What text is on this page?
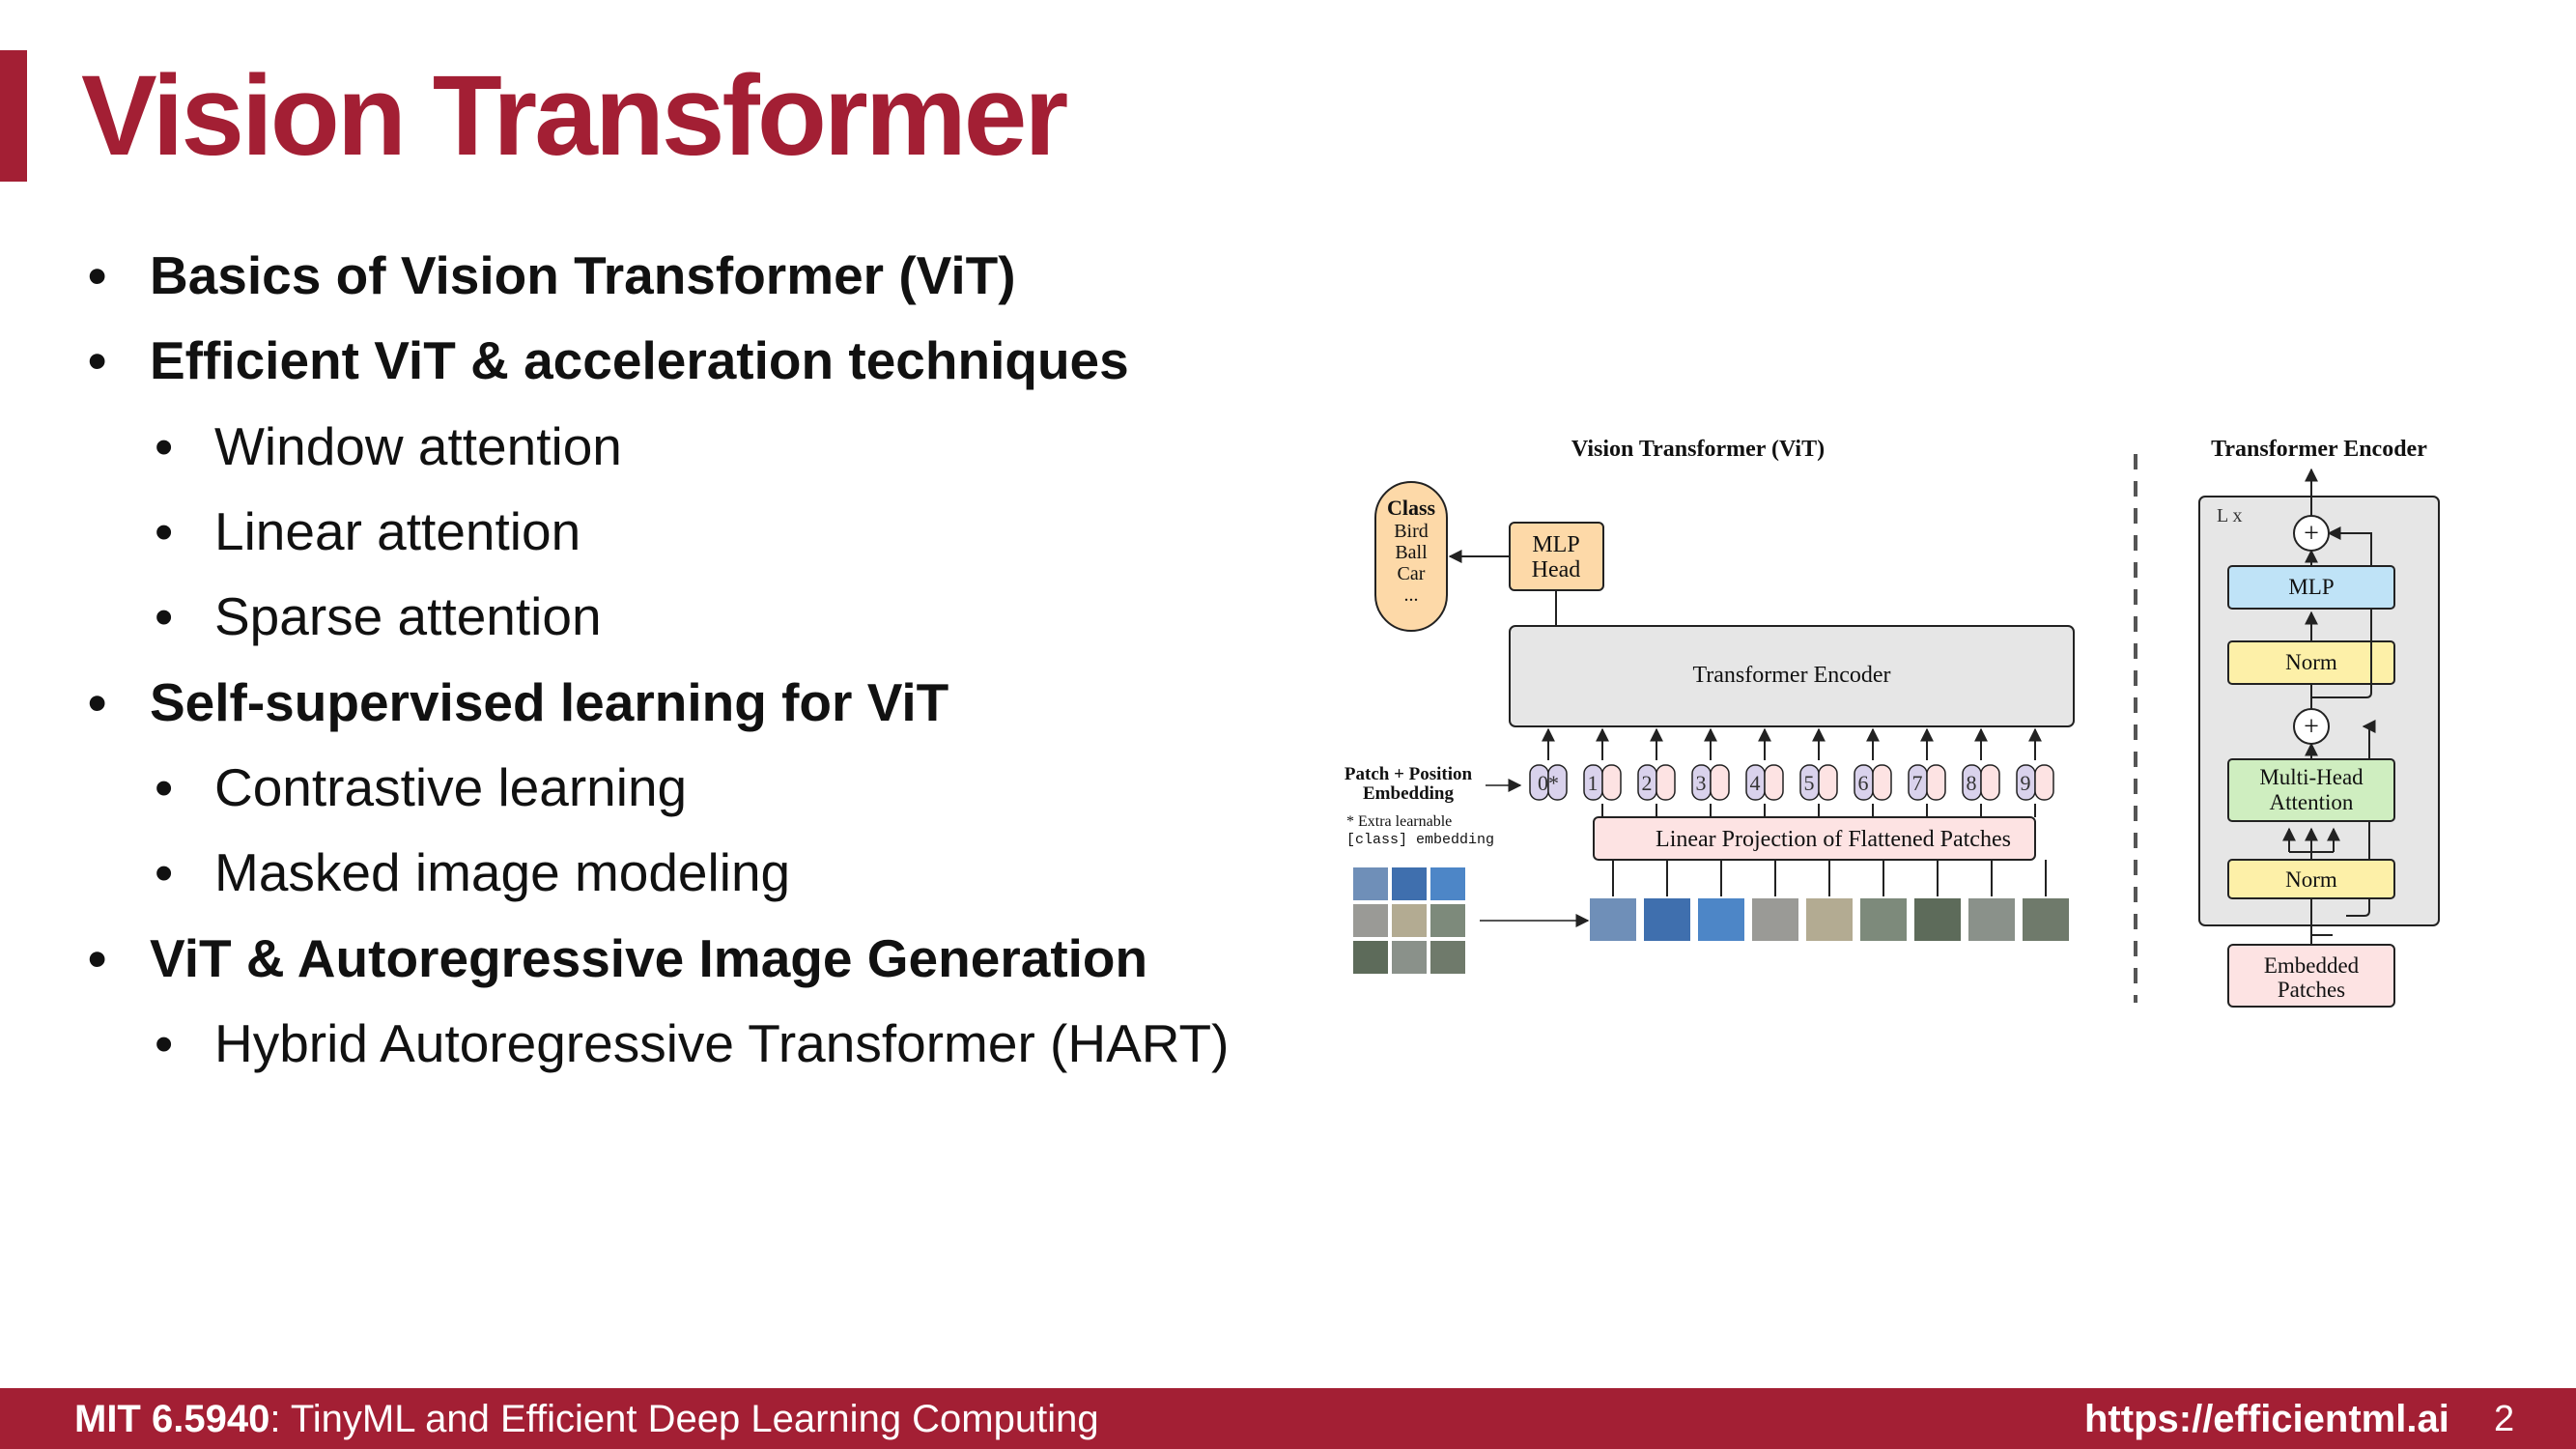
Vision Transformer
• Basics of Vision Transformer (ViT)
• Efficient ViT & acceleration techniques
• Window attention
• Linear attention
• Sparse attention
• Self-supervised learning for ViT
• Contrastive learning
• Masked image modeling
• ViT & Autoregressive Image Generation
• Hybrid Autoregressive Transformer (HART)
Vision Transformer (ViT)	Transformer Encoder
Class
Bird
Ball
Car
...
MLP
Head
Transformer Encoder
0* 1 2 3 4 5 6 7 8 9
Patch + Position
Embedding
* Extra learnable
[class] embedding	Linear Projection of Flattened Patches
L x
Embedded
Patches
Norm
Multi-Head
Attention
+
Norm
MLP
+
MIT 6.5940: TinyML and Efficient Deep Learning Computing	https://efficientml.ai 2
